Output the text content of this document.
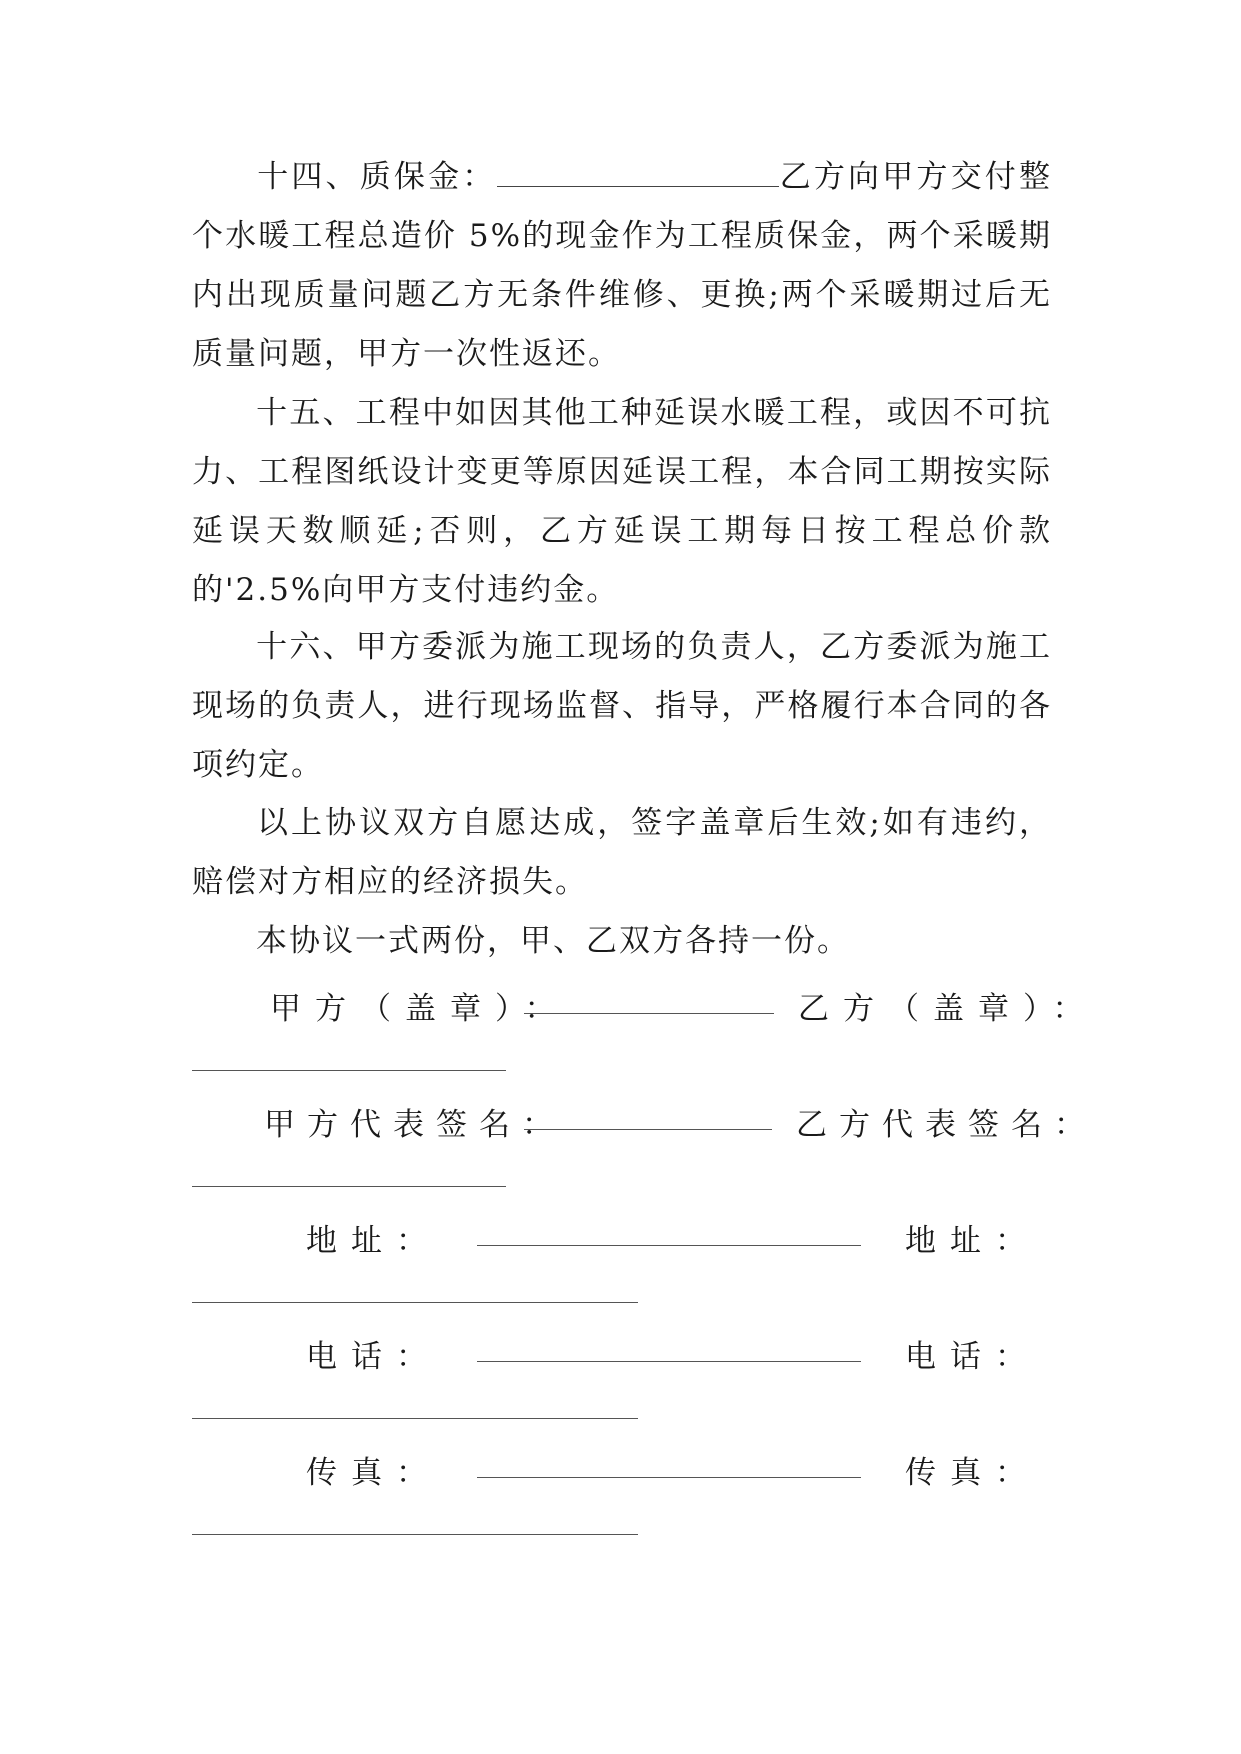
十四、质保金：	乙方向甲方交付整个水暖工程总造价 5%的现金作为工程质保金，两个采暖期内出现质量问题乙方无条件维修、更换;两个采暖期过后无质量问题，甲方一次性返还。

十五、工程中如因其他工种延误水暖工程，或因不可抗力、工程图纸设计变更等原因延误工程，本合同工期按实际延误天数顺延;否则，乙方延误工期每日按工程总价款的'2.5%向甲方支付违约金。

十六、甲方委派为施工现场的负责人，乙方委派为施工现场的负责人，进行现场监督、指导，严格履行本合同的各项约定。

以上协议双方自愿达成，签字盖章后生效;如有违约，赔偿对方相应的经济损失。

本协议一式两份，甲、乙双方各持一份。

甲方（盖章）：	乙方（盖章）：
甲方代表签名：	乙方代表签名：
地址：	地址：
电话：	电话：
传真：	传真：
